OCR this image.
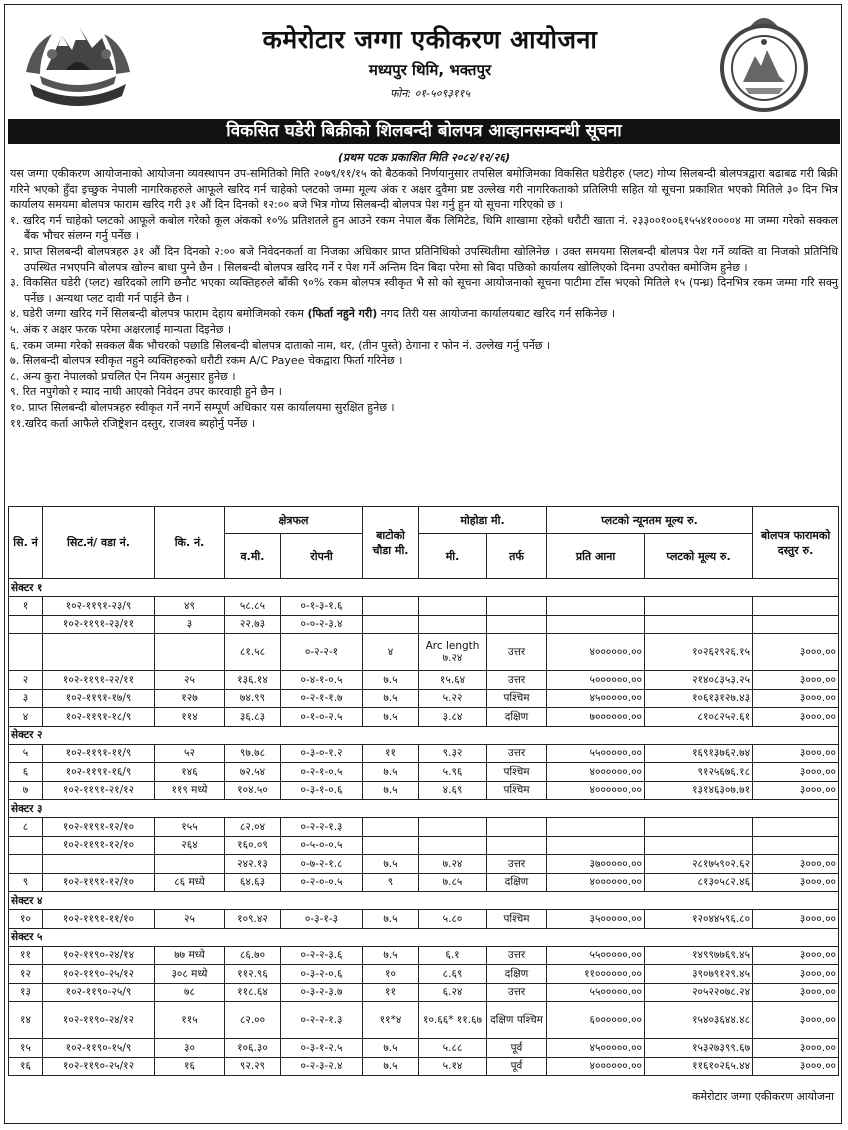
कमेरोटार जग्गा एकीकरण आयोजना
मध्यपुर थिमि, भक्तपुर
फोन: ०१-५०९३११५
विकसित घडेरी बिक्रीको शिलबन्दी बोलपत्र आव्हानसम्वन्धी सूचना
(प्रथम पटक प्रकाशित मिति २०८२/१२/२६)

यस जग्गा एकीकरण आयोजनाको आयोजना व्यवस्थापन उप-समितिको मिति २०७९/११/१५ को बैठकको निर्णयानुसार तपसिल बमोजिमका विकसित घडेरीहरु (प्लट) गोप्य सिलबन्दी बोलपत्रद्वारा बढाबढ गरी बिक्री गरिने भएको हुँदा इच्छुक नेपाली नागरिकहरुले आफूले खरिद गर्न चाहेको प्लटको जम्मा मूल्य अंक र अक्षर दुवैमा प्रष्ट उल्लेख गरी नागरिकताको प्रतिलिपी सहित यो सूचना प्रकाशित भएको मितिले ३० दिन भित्र कार्यालय समयमा बोलपत्र फाराम खरिद गरी ३१ औं दिन दिनको १२:०० बजे भित्र गोप्य सिलबन्दी बोलपत्र पेश गर्नु हुन यो सूचना गरिएको छ ।

१. खरिद गर्न चाहेको प्लटको आफूले कबोल गरेको कूल अंकको १०% प्रतिशतले हुन आउने रकम नेपाल बैंक लिमिटेड, थिमि शाखामा रहेको धरौटी खाता नं. २३३००१००६१५५४१००००४ मा जम्मा गरेको सक्कल बैंक भौचर संलग्न गर्नु पर्नेछ ।

२. प्राप्त सिलबन्दी बोलपत्रहरु ३१ औं दिन दिनको २:०० बजे निवेदनकर्ता वा निजका अधिकार प्राप्त प्रतिनिधिको उपस्थितीमा खोलिनेछ । उक्त समयमा सिलबन्दी बोलपत्र पेश गर्ने व्यक्ति वा निजको प्रतिनिधि उपस्थित नभएपनि बोलपत्र खोल्न बाधा पुग्ने छैन । सिलबन्दी बोलपत्र खरिद गर्ने र पेश गर्ने अन्तिम दिन बिदा परेमा सो बिदा पछिको कार्यालय खोलिएको दिनमा उपरोक्त बमोजिम हुनेछ ।

३. विकसित घडेरी (प्लट) खरिदको लागि छनौट भएका व्यक्तिहरुले बाँकी ९०% रकम बोलपत्र स्वीकृत भै सो को सूचना आयोजनाको सूचना पाटीमा टाँस भएको मितिले १५ (पन्ध्र) दिनभित्र रकम जम्मा गरि सक्नु पर्नेछ । अन्यथा प्लट दावी गर्न पाईने छैन ।

४. घडेरी जग्गा खरिद गर्ने सिलबन्दी बोलपत्र फाराम देहाय बमोजिमको रकम (फिर्ता नहुने गरी) नगद तिरी यस आयोजना कार्यालयबाट खरिद गर्न सकिनेछ ।

५. अंक र अक्षर फरक परेमा अक्षरलाई मान्यता दिइनेछ ।

६. रकम जम्मा गरेको सक्कल बैंक भौचरको पछाडि सिलबन्दी बोलपत्र दाताको नाम, थर, (तीन पुस्ते) ठेगाना र फोन नं. उल्लेख गर्नु पर्नेछ ।

७. सिलबन्दी बोलपत्र स्वीकृत नहुने व्यक्तिहरुको धरौटी रकम A/C Payee चेकद्वारा फिर्ता गरिनेछ ।

८. अन्य कुरा नेपालको प्रचलित ऐन नियम अनुसार हुनेछ ।

९. रित नपुगेको र म्याद नाघी आएको निवेदन उपर कारवाही हुने छैन ।

१०. प्राप्त सिलबन्दी बोलपत्रहरु स्वीकृत गर्ने नगर्ने सम्पूर्ण अधिकार यस कार्यालयमा सुरक्षित हुनेछ ।

११.खरिद कर्ता आफैले रजिष्ट्रेशन दस्तुर, राजश्व ब्यहोर्नु पर्नेछ ।

सि. नं	सिट.नं/ वडा नं.	कि. नं.	क्षेत्रफल		बाटोको चौडा मी.	मोहोडा मी.		प्लटको न्यूनतम मूल्य रु.		बोलपत्र फारामको दस्तुर रु.
			व.मी.	रोपनी		मी.	तर्फ	प्रति आना	प्लटको मूल्य रु.	
सेक्टर १										
१	१०२-११९१-२३/९	४९	५८.८५	०-१-३-१.६						
	१०२-११९१-२३/११	३	२२.७३	०-०-२-३.४						
			८१.५८	०-२-२-१	४	Arc length ७.२४	उत्तर	४००००००.००	१०२६२९२६.१५	३०००.००
२	१०२-११९१-२२/११	२५	१३६.१४	०-४-१-०.५	७.५	१५.६४	उत्तर	५००००००.००	२१४०८३५३.२५	३०००.००
३	१०२-११९१-१७/९	१२७	७४.९९	०-२-१-१.७	७.५	५.२२	पश्चिम	४५०००००.००	१०६१३१२७.४३	३०००.००
४	१०२-११९१-१८/९	११४	३६.८३	०-१-०-२.५	७.५	३.८४	दक्षिण	७००००००.००	८१०८२५२.६१	३०००.००
सेक्टर २										
५	१०२-११९१-११/९	५२	९७.७८	०-३-०-१.२	११	९.३२	उत्तर	५५०००००.००	१६९१३७६२.७४	३०००.००
६	१०२-११९१-१६/९	१४६	७२.५४	०-२-१-०.५	७.५	५.९६	पश्चिम	४००००००.००	९१२५६७६.१८	३०००.००
७	१०२-११९१-२१/१२	११९ मध्ये	१०४.५०	०-३-१-०.६	७.५	४.६९	पश्चिम	४००००००.००	१३१४६३०७.७१	३०००.००
सेक्टर ३										
८	१०२-११९१-१२/१०	१५५	८२.०४	०-२-२-१.३						
	१०२-११९१-१२/१०	२६४	१६०.०९	०-५-०-०.५						
			२४२.१३	०-७-२-१.८	७.५	७.२४	उत्तर	३७०००००.००	२८१७५९०२.६२	३०००.००
९	१०२-११९१-१२/१०	८६ मध्ये	६४.६३	०-२-०-०.५	९	७.८५	दक्षिण	४००००००.००	८१३०५८२.४६	३०००.००
सेक्टर ४										
१०	१०२-११९१-११/१०	२५	१०९.४२	०-३-१-३	७.५	५.८०	पश्चिम	३५०००००.००	१२०४४५९६.८०	३०००.००
सेक्टर ५										
११	१०२-११९०-२४/१४	७७ मध्ये	८६.७०	०-२-२-३.६	७.५	६.१	उत्तर	५५०००००.००	१४९९७७६९.४५	३०००.००
१२	१०२-११९०-२५/१२	३०८ मध्ये	११२.९६	०-३-२-०.६	१०	८.६९	दक्षिण	११००००००.००	३९०७९१२९.४५	३०००.००
१३	१०२-११९०-२५/९	७८	११८.६४	०-३-२-३.७	११	६.२४	उत्तर	५५०००००.००	२०५२२०७८.२४	३०००.००
१४	१०२-११९०-२४/१२	११५	८२.००	०-२-२-१.३	११*४	१०.६६* ११.६७	दक्षिण पश्चिम	६००००००.००	१५४०३६४४.४८	३०००.००
१५	१०२-११९०-१५/९	३०	१०६.३०	०-३-१-२.५	७.५	५.८८	पूर्व	४५०००००.००	१५३२७३९९.६७	३०००.००
१६	१०२-११९०-२५/१२	१६	९२.२९	०-२-३-२.४	७.५	५.१४	पूर्व	४००००००.००	११६१०२६५.४४	३०००.००
कमेरोटार जग्गा एकीकरण आयोजना
